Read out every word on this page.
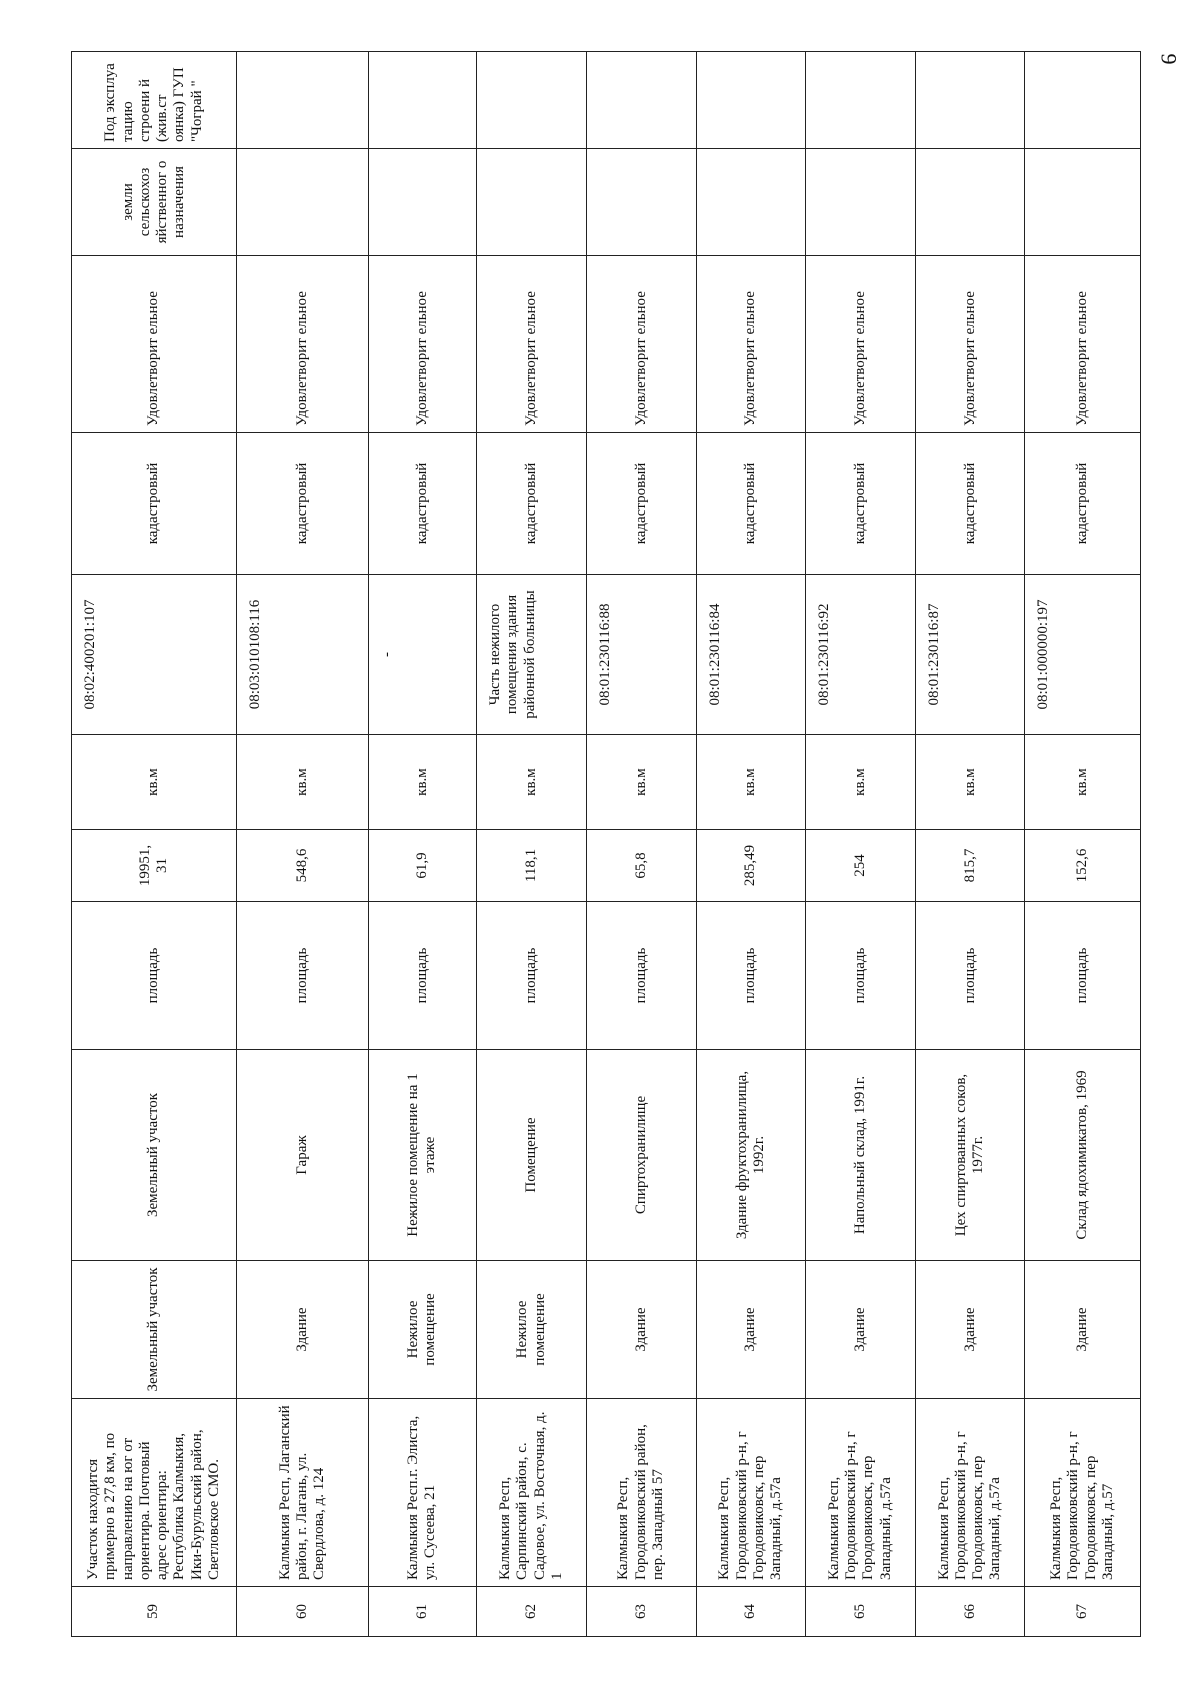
9
59	Участок находится примерно в 27,8 км, по направлению на юг от ориентира. Почтовый адрес ориентира: Республика Калмыкия, Ики-Бурульский район, Светловское СМО.	Земельный участок	Земельный участок	площадь	19951, 31	кв.м	08:02:400201:107	кадастровый	Удовлетворит ельное	земли сельскохоз яйственног о назначения	Под эксплуа тацию строени й (жив.ст оянка) ГУП "Чограй "
60	Калмыкия Респ, Лаганский район, г. Лагань, ул. Свердлова, д. 124	Здание	Гараж	площадь	548,6	кв.м	08:03:010108:116	кадастровый	Удовлетворит ельное		
61	Калмыкия Респ.г. Элиста, ул. Сусеева, 21	Нежилое помещение	Нежилое помещение на 1 этаже	площадь	61,9	кв.м	-	кадастровый	Удовлетворит ельное		
62	Калмыкия Респ, Сарпинский район, с. Садовое, ул. Восточная, д. 1	Нежилое помещение	Помещение	площадь	118,1	кв.м	Часть нежилого помещения здания районной больницы	кадастровый	Удовлетворит ельное		
63	Калмыкия Респ, Городовиковский район, пер. Западный 57	Здание	Спиртохранилище	площадь	65,8	кв.м	08:01:230116:88	кадастровый	Удовлетворит ельное		
64	Калмыкия Респ, Городовиковский р-н, г Городовиковск, пер Западный, д.57а	Здание	Здание фруктохранилища, 1992г.	площадь	285,49	кв.м	08:01:230116:84	кадастровый	Удовлетворит ельное		
65	Калмыкия Респ, Городовиковский р-н, г Городовиковск, пер Западный, д.57а	Здание	Напольный склад, 1991г.	площадь	254	кв.м	08:01:230116:92	кадастровый	Удовлетворит ельное		
66	Калмыкия Респ, Городовиковский р-н, г Городовиковск, пер Западный, д.57а	Здание	Цех спиртованных соков, 1977г.	площадь	815,7	кв.м	08:01:230116:87	кадастровый	Удовлетворит ельное		
67	Калмыкия Респ, Городовиковский р-н, г Городовиковск, пер Западный, д.57	Здание	Склад ядохимикатов, 1969	площадь	152,6	кв.м	08:01:000000:197	кадастровый	Удовлетворит ельное		
